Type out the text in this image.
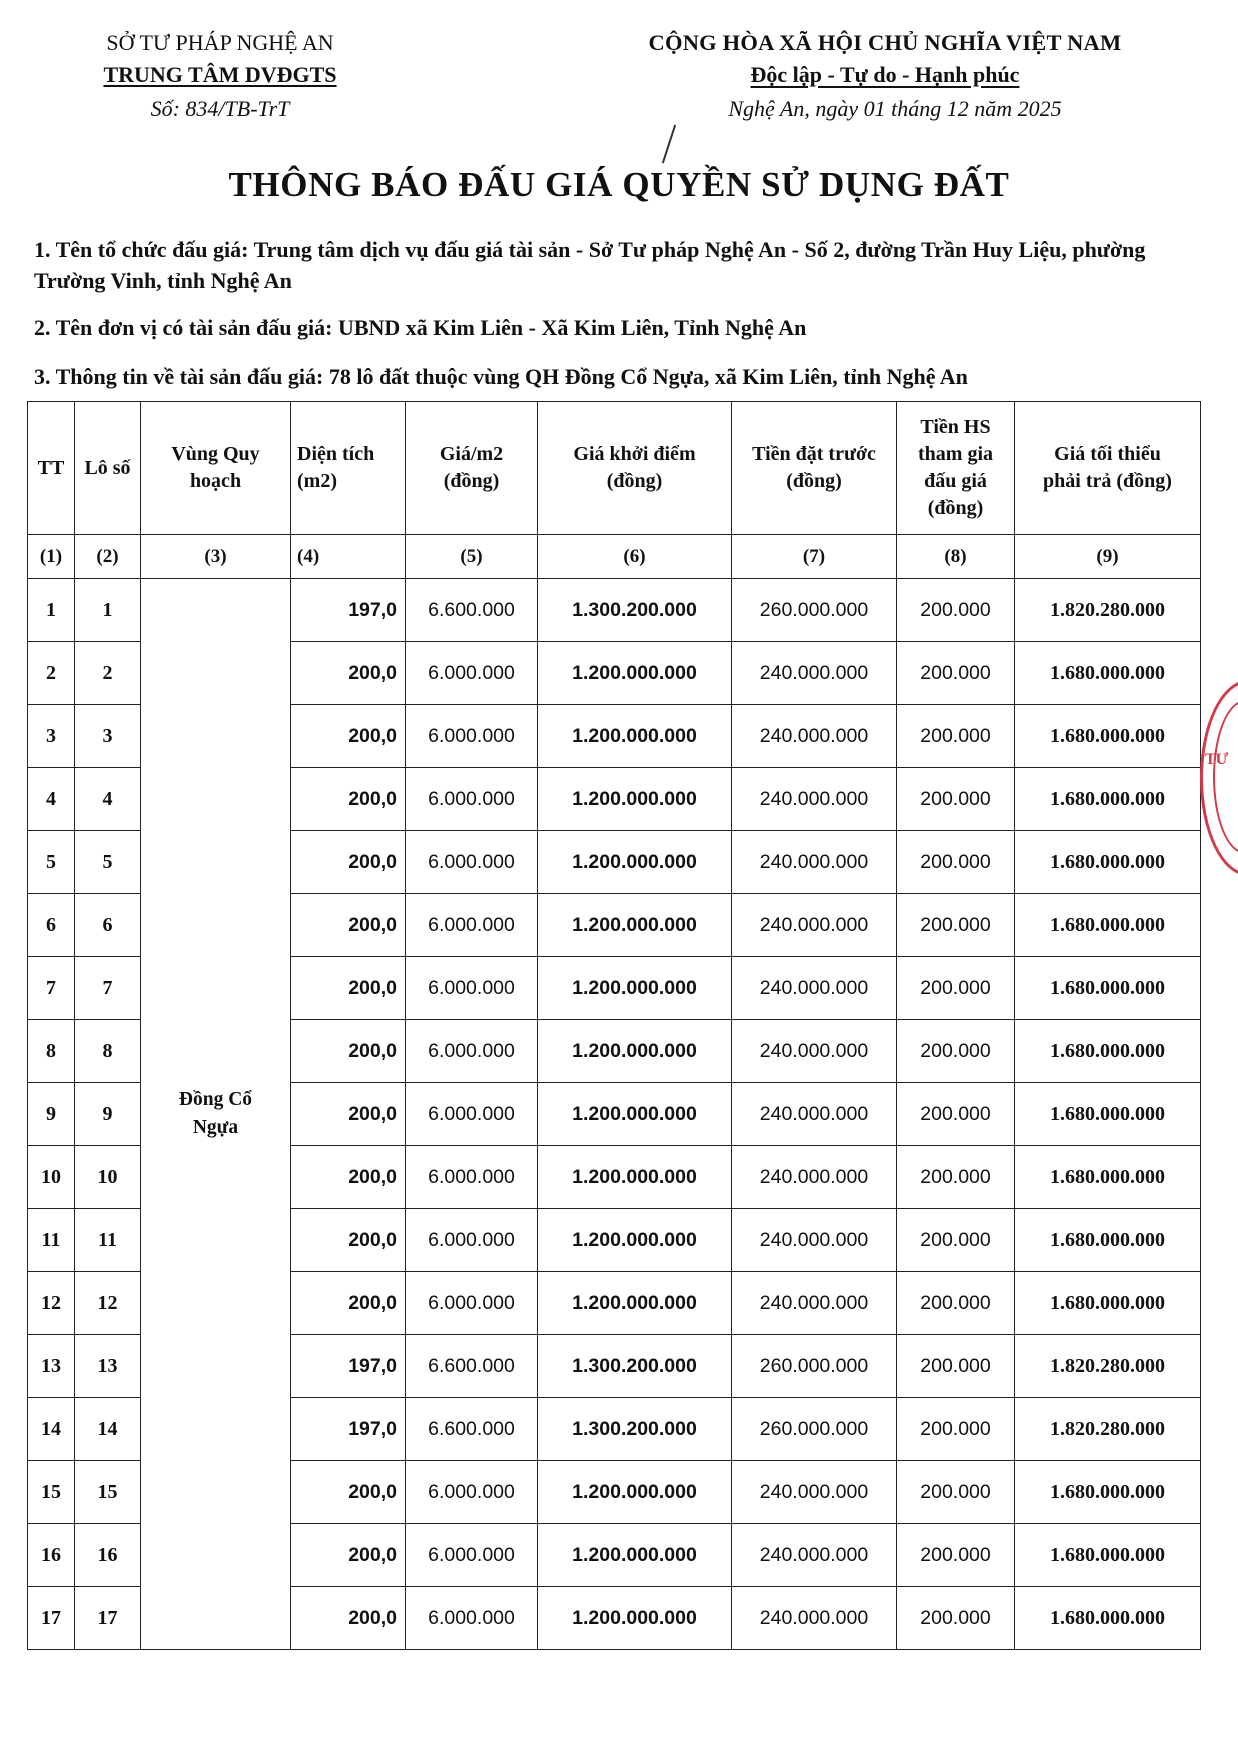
SỞ TƯ PHÁP NGHỆ AN
TRUNG TÂM DVĐGTS
Số: 834/TB-TrT
CỘNG HÒA XÃ HỘI CHỦ NGHĨA VIỆT NAM
Độc lập - Tự do - Hạnh phúc
Nghệ An, ngày 01 tháng 12 năm 2025
THÔNG BÁO ĐẤU GIÁ QUYỀN SỬ DỤNG ĐẤT
1. Tên tổ chức đấu giá: Trung tâm dịch vụ đấu giá tài sản - Sở Tư pháp Nghệ An - Số 2, đường Trần Huy Liệu, phường Trường Vinh, tỉnh Nghệ An
2. Tên đơn vị có tài sản đấu giá: UBND xã Kim Liên - Xã Kim Liên, Tỉnh Nghệ An
3. Thông tin về tài sản đấu giá: 78 lô đất thuộc vùng QH Đồng Cổ Ngựa, xã Kim Liên, tỉnh Nghệ An
TT	Lô số	Vùng Quy hoạch	Diện tích (m2)	Giá/m2 (đồng)	Giá khởi điểm (đồng)	Tiền đặt trước (đồng)	Tiền HS tham gia đấu giá (đồng)	Giá tối thiểu phải trả (đồng)
(1)	(2)	(3)	(4)	(5)	(6)	(7)	(8)	(9)
1	1	Đồng Cổ Ngựa	197,0	6.600.000	1.300.200.000	260.000.000	200.000	1.820.280.000
2	2		200,0	6.000.000	1.200.000.000	240.000.000	200.000	1.680.000.000
3	3		200,0	6.000.000	1.200.000.000	240.000.000	200.000	1.680.000.000
4	4		200,0	6.000.000	1.200.000.000	240.000.000	200.000	1.680.000.000
5	5		200,0	6.000.000	1.200.000.000	240.000.000	200.000	1.680.000.000
6	6		200,0	6.000.000	1.200.000.000	240.000.000	200.000	1.680.000.000
7	7		200,0	6.000.000	1.200.000.000	240.000.000	200.000	1.680.000.000
8	8		200,0	6.000.000	1.200.000.000	240.000.000	200.000	1.680.000.000
9	9		200,0	6.000.000	1.200.000.000	240.000.000	200.000	1.680.000.000
10	10		200,0	6.000.000	1.200.000.000	240.000.000	200.000	1.680.000.000
11	11		200,0	6.000.000	1.200.000.000	240.000.000	200.000	1.680.000.000
12	12		200,0	6.000.000	1.200.000.000	240.000.000	200.000	1.680.000.000
13	13		197,0	6.600.000	1.300.200.000	260.000.000	200.000	1.820.280.000
14	14		197,0	6.600.000	1.300.200.000	260.000.000	200.000	1.820.280.000
15	15		200,0	6.000.000	1.200.000.000	240.000.000	200.000	1.680.000.000
16	16		200,0	6.000.000	1.200.000.000	240.000.000	200.000	1.680.000.000
17	17		200,0	6.000.000	1.200.000.000	240.000.000	200.000	1.680.000.000
TƯ
